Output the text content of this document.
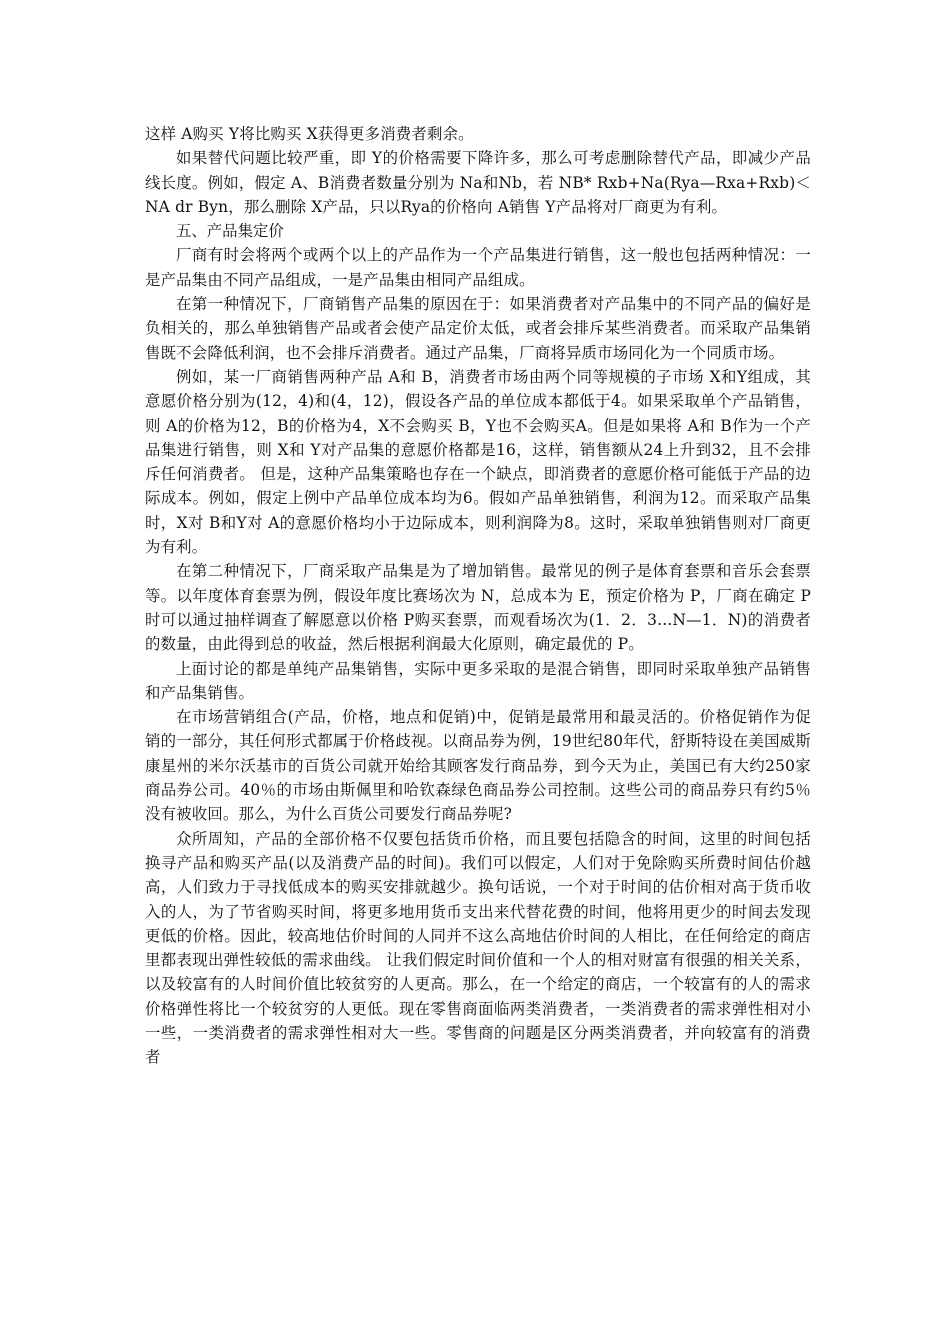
这样 A购买 Y将比购买 X获得更多消费者剩余。

如果替代问题比较严重，即 Y的价格需要下降许多，那么可考虑删除替代产品，即减少产品线长度。例如，假定 A、B消费者数量分别为 Na和Nb，若 NB* Rxb+Na(Rya—Rxa+Rxb)＜ NA dr Byn，那么删除 X产品，只以Rya的价格向 A销售 Y产品将对厂商更为有利。

五、产品集定价

厂商有时会将两个或两个以上的产品作为一个产品集进行销售，这一般也包括两种情况：一是产品集由不同产品组成，一是产品集由相同产品组成。

在第一种情况下，厂商销售产品集的原因在于：如果消费者对产品集中的不同产品的偏好是负相关的，那么单独销售产品或者会使产品定价太低，或者会排斥某些消费者。而采取产品集销售既不会降低利润，也不会排斥消费者。通过产品集，厂商将异质市场同化为一个同质市场。

例如，某一厂商销售两种产品 A和 B，消费者市场由两个同等规模的子市场 X和Y组成，其意愿价格分别为(12，4)和(4，12)，假设各产品的单位成本都低于4。如果采取单个产品销售，则 A的价格为12，B的价格为4，X不会购买 B，Y也不会购买A。但是如果将 A和 B作为一个产品集进行销售，则 X和 Y对产品集的意愿价格都是16，这样，销售额从24上升到32，且不会排斥任何消费者。 但是，这种产品集策略也存在一个缺点，即消费者的意愿价格可能低于产品的边际成本。例如，假定上例中产品单位成本均为6。假如产品单独销售，利润为12。而采取产品集时，X对 B和Y对 A的意愿价格均小于边际成本，则利润降为8。这时，采取单独销售则对厂商更为有利。

在第二种情况下，厂商采取产品集是为了增加销售。最常见的例子是体育套票和音乐会套票等。以年度体育套票为例，假设年度比赛场次为 N，总成本为 E，预定价格为 P，厂商在确定 P时可以通过抽样调查了解愿意以价格 P购买套票，而观看场次为(1．2．3...N—1．N)的消费者的数量，由此得到总的收益，然后根据利润最大化原则，确定最优的 P。

上面讨论的都是单纯产品集销售，实际中更多采取的是混合销售，即同时采取单独产品销售和产品集销售。

在市场营销组合(产品，价格，地点和促销)中，促销是最常用和最灵活的。价格促销作为促销的一部分，其任何形式都属于价格歧视。以商品券为例，19世纪80年代，舒斯特设在美国威斯康星州的米尔沃基市的百货公司就开始给其顾客发行商品券，到今天为止，美国已有大约250家商品券公司。40％的市场由斯佩里和哈钦森绿色商品券公司控制。这些公司的商品券只有约5％没有被收回。那么，为什么百货公司要发行商品券呢?

众所周知，产品的全部价格不仅要包括货币价格，而且要包括隐含的时间，这里的时间包括换寻产品和购买产品(以及消费产品的时间)。我们可以假定，人们对于免除购买所费时间估价越高，人们致力于寻找低成本的购买安排就越少。换句话说，一个对于时间的估价相对高于货币收入的人，为了节省购买时间，将更多地用货币支出来代替花费的时间，他将用更少的时间去发现更低的价格。因此，较高地估价时间的人同并不这么高地估价时间的人相比，在任何给定的商店里都表现出弹性较低的需求曲线。 让我们假定时间价值和一个人的相对财富有很强的相关关系，以及较富有的人时间价值比较贫穷的人更高。那么，在一个给定的商店，一个较富有的人的需求价格弹性将比一个较贫穷的人更低。现在零售商面临两类消费者，一类消费者的需求弹性相对小一些，一类消费者的需求弹性相对大一些。零售商的问题是区分两类消费者，并向较富有的消费者
